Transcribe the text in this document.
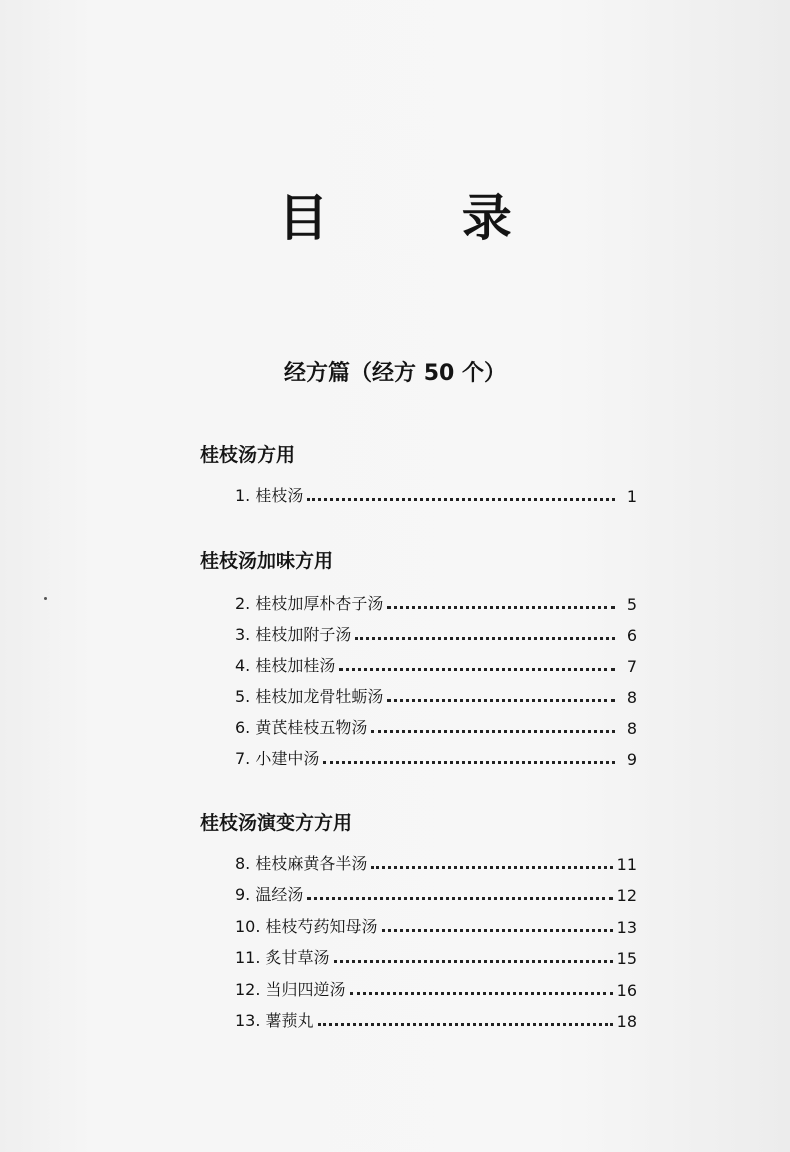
目 录
经方篇（经方 50 个）
桂枝汤方用
1. 桂枝汤	1
桂枝汤加味方用
2. 桂枝加厚朴杏子汤	5
3. 桂枝加附子汤	6
4. 桂枝加桂汤	7
5. 桂枝加龙骨牡蛎汤	8
6. 黄芪桂枝五物汤	8
7. 小建中汤	9
桂枝汤演变方方用
8. 桂枝麻黄各半汤	11
9. 温经汤	12
10. 桂枝芍药知母汤	13
11. 炙甘草汤	15
12. 当归四逆汤	16
13. 薯蓣丸	18
